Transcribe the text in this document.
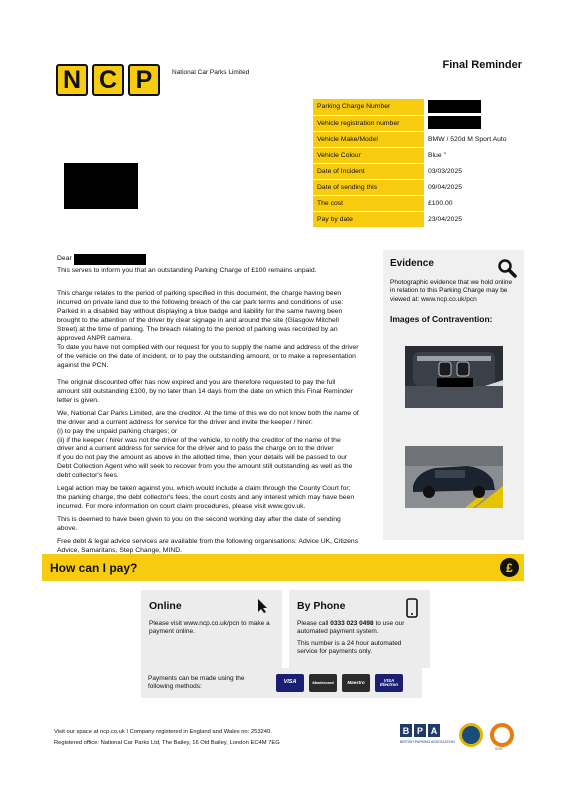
N C P	National Car Parks Limited
Final Reminder
Parking Charge Number	
Vehicle registration number	
Vehicle Make/Model	BMW / 520d M Sport Auto
Vehicle Colour	Blue "
Date of Incident	03/03/2025
Date of sending this	09/04/2025
The cost	£100.00
Pay by date	23/04/2025
Dear

This serves to inform you that an outstanding Parking Charge of £100 remains unpaid.

This charge relates to the period of parking specified in this document, the charge having been incurred on private land due to the following breach of the car park terms and conditions of use: Parked in a disabled bay without displaying a blue badge and liability for the same having been brought to the attention of the driver by clear signage in and around the site (Glasgow Mitchell Street) at the time of parking. The breach relating to the period of parking was recorded by an approved ANPR camera.

To date you have not complied with our request for you to supply the name and address of the driver of the vehicle on the date of incident, or to pay the outstanding amount, or to make a representation against the PCN.

The original discounted offer has now expired and you are therefore requested to pay the full amount still outstanding £100, by no later than 14 days from the date on which this Final Reminder letter is given.

We, National Car Parks Limited, are the creditor. At the time of this we do not know both the name of the driver and a current address for service for the driver and invite the keeper / hirer:

(i) to pay the unpaid parking charges; or

(ii) if the keeper / hirer was not the driver of the vehicle, to notify the creditor of the name of the driver and a current address for service for the driver and to pass the charge on to the driver

If you do not pay the amount as above in the allotted time, then your details will be passed to our Debt Collection Agent who will seek to recover from you the amount still outstanding as well as the debt collector's fees.

Legal action may be taken against you, which would include a claim through the County Court for; the parking charge, the debt collector's fees, the court costs and any interest which may have been incurred. For more information on court claim procedures, please visit www.gov.uk.

This is deemed to have been given to you on the second working day after the date of sending above.

Free debt & legal advice services are available from the following organisations: Advice UK, Citizens Advice, Samaritans, Step Change, MIND.

Evidence

Photographic evidence that we hold online in relation to this Parking Charge may be viewed at: www.ncp.co.uk/pcn

Images of Contravention:
How can I pay?	£
Online

Please visit www.ncp.co.uk/pcn to make a payment online.

By Phone

Please call 0333 023 0498 to use our automated payment system.

This number is a 24 hour automated service for payments only.

Payments can be made using the following methods:
VISA	Mastercard	Maestro	VISA Electron
Visit our space at ncp.co.uk I Company registered in England and Wales no: 253240.
Registered office: National Car Parks Ltd, The Bailey, 16 Old Bailey, London EC4M 7EG
B P A
BRITISH PARKING ASSOCIATION
SGS
